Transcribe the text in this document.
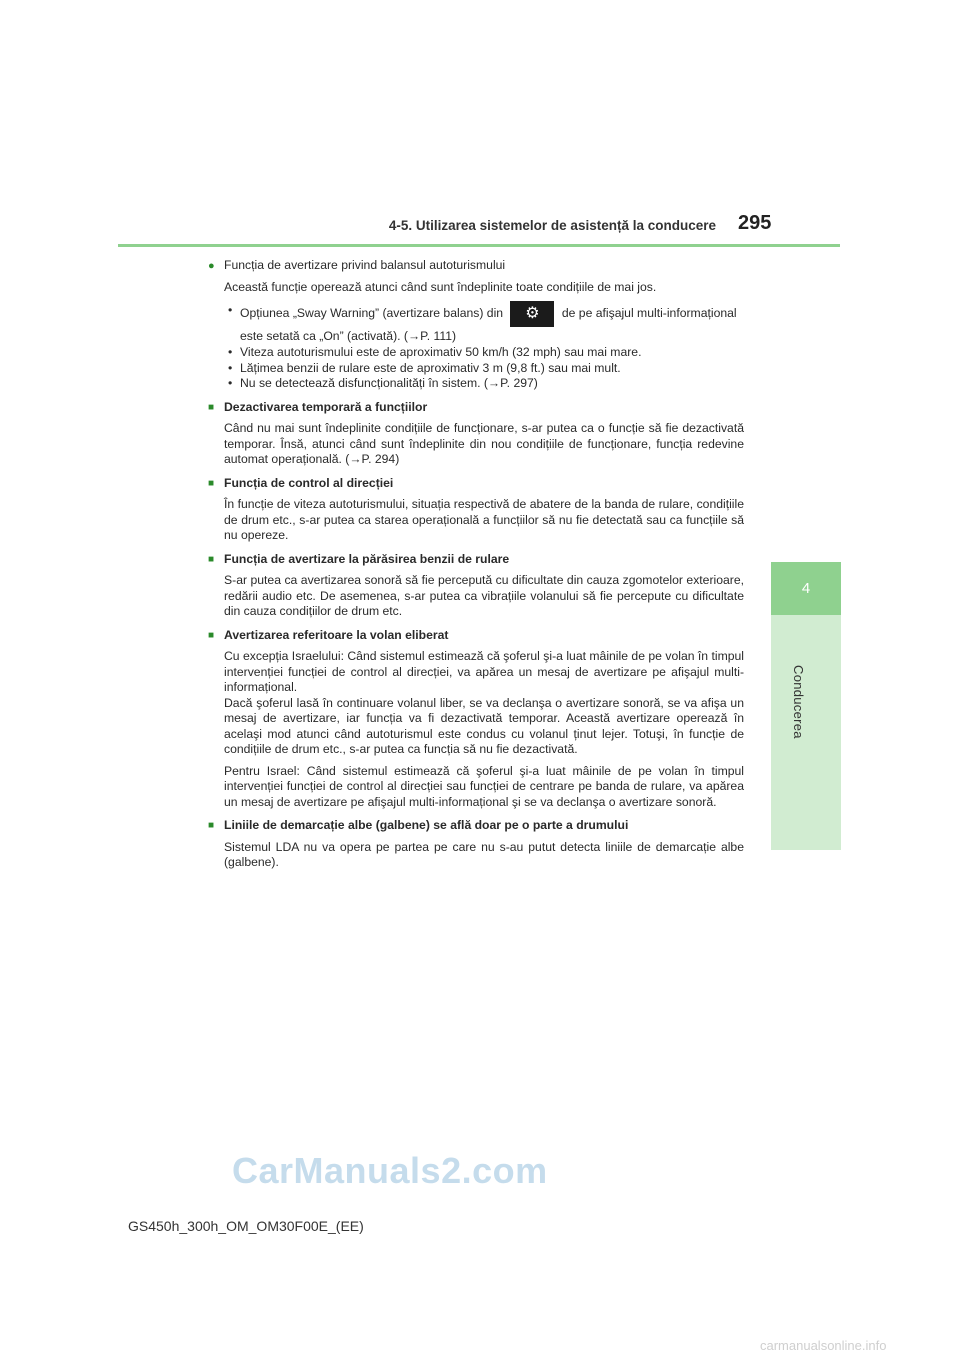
4-5. Utilizarea sistemelor de asistență la conducere 295
4
Conducerea
● Funcția de avertizare privind balansul autoturismului
Această funcție operează atunci când sunt îndeplinite toate condițiile de mai jos.
• Opțiunea „Sway Warning” (avertizare balans) din	⚙	de pe afişajul multi-informațional este setată ca „On” (activată). (→P. 111)
• Viteza autoturismului este de aproximativ 50 km/h (32 mph) sau mai mare.
• Lățimea benzii de rulare este de aproximativ 3 m (9,8 ft.) sau mai mult.
• Nu se detectează disfuncționalități în sistem. (→P. 297)
■ Dezactivarea temporară a funcțiilor
Când nu mai sunt îndeplinite condițiile de funcționare, s-ar putea ca o funcție să fie dezactivată temporar. Însă, atunci când sunt îndeplinite din nou condițiile de funcționare, funcția redevine automat operațională. (→P. 294)
■ Funcția de control al direcției
În funcție de viteza autoturismului, situația respectivă de abatere de la banda de rulare, condițiile de drum etc., s-ar putea ca starea operațională a funcțiilor să nu fie detectată sau ca funcțiile să nu opereze.
■ Funcția de avertizare la părăsirea benzii de rulare
S-ar putea ca avertizarea sonoră să fie percepută cu dificultate din cauza zgomotelor exterioare, redării audio etc. De asemenea, s-ar putea ca vibrațiile volanului să fie percepute cu dificultate din cauza condițiilor de drum etc.
■ Avertizarea referitoare la volan eliberat
Cu excepția Israelului: Când sistemul estimează că şoferul şi-a luat mâinile de pe volan în timpul intervenției funcției de control al direcției, va apărea un mesaj de avertizare pe afişajul multi-informațional.
Dacă şoferul lasă în continuare volanul liber, se va declanşa o avertizare sonoră, se va afişa un mesaj de avertizare, iar funcția va fi dezactivată temporar. Această avertizare operează în acelaşi mod atunci când autoturismul este condus cu volanul ținut lejer. Totuşi, în funcție de condițiile de drum etc., s-ar putea ca funcția să nu fie dezactivată.
Pentru Israel: Când sistemul estimează că şoferul şi-a luat mâinile de pe volan în timpul intervenției funcției de control al direcției sau funcției de centrare pe banda de rulare, va apărea un mesaj de avertizare pe afişajul multi-informațional şi se va declanşa o avertizare sonoră.
■ Liniile de demarcație albe (galbene) se află doar pe o parte a drumului
Sistemul LDA nu va opera pe partea pe care nu s-au putut detecta liniile de demarcație albe (galbene).
CarManuals2.com
GS450h_300h_OM_OM30F00E_(EE)
carmanualsonline.info
